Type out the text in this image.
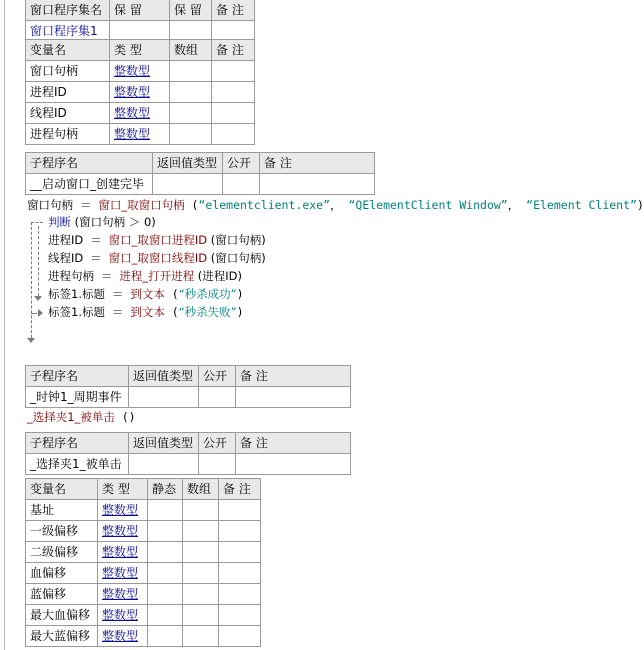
窗口程序集名	保 留	保 留	备 注
窗口程序集1			
变量名	类 型	数组	备 注
窗口句柄	整数型		
进程ID	整数型		
线程ID	整数型		
进程句柄	整数型		
子程序名	返回值类型	公开	备 注
__启动窗口_创建完毕			
窗口句柄 ＝ 窗口_取窗口句柄 (“elementclient.exe”， “QElementClient Window”， “Element Client”)
判断 (窗口句柄 ＞ 0)
进程ID ＝ 窗口_取窗口进程ID (窗口句柄)
线程ID ＝ 窗口_取窗口线程ID (窗口句柄)
进程句柄 ＝ 进程_打开进程 (进程ID)
标签1.标题 ＝ 到文本 (“秒杀成功”)
标签1.标题 ＝ 到文本 (“秒杀失败”)
子程序名	返回值类型	公开	备 注
_时钟1_周期事件			
_选择夹1_被单击 ()
子程序名	返回值类型	公开	备 注
_选择夹1_被单击			
变量名	类 型	静态	数组	备 注
基址	整数型			
一级偏移	整数型			
二级偏移	整数型			
血偏移	整数型			
蓝偏移	整数型			
最大血偏移	整数型			
最大蓝偏移	整数型			
